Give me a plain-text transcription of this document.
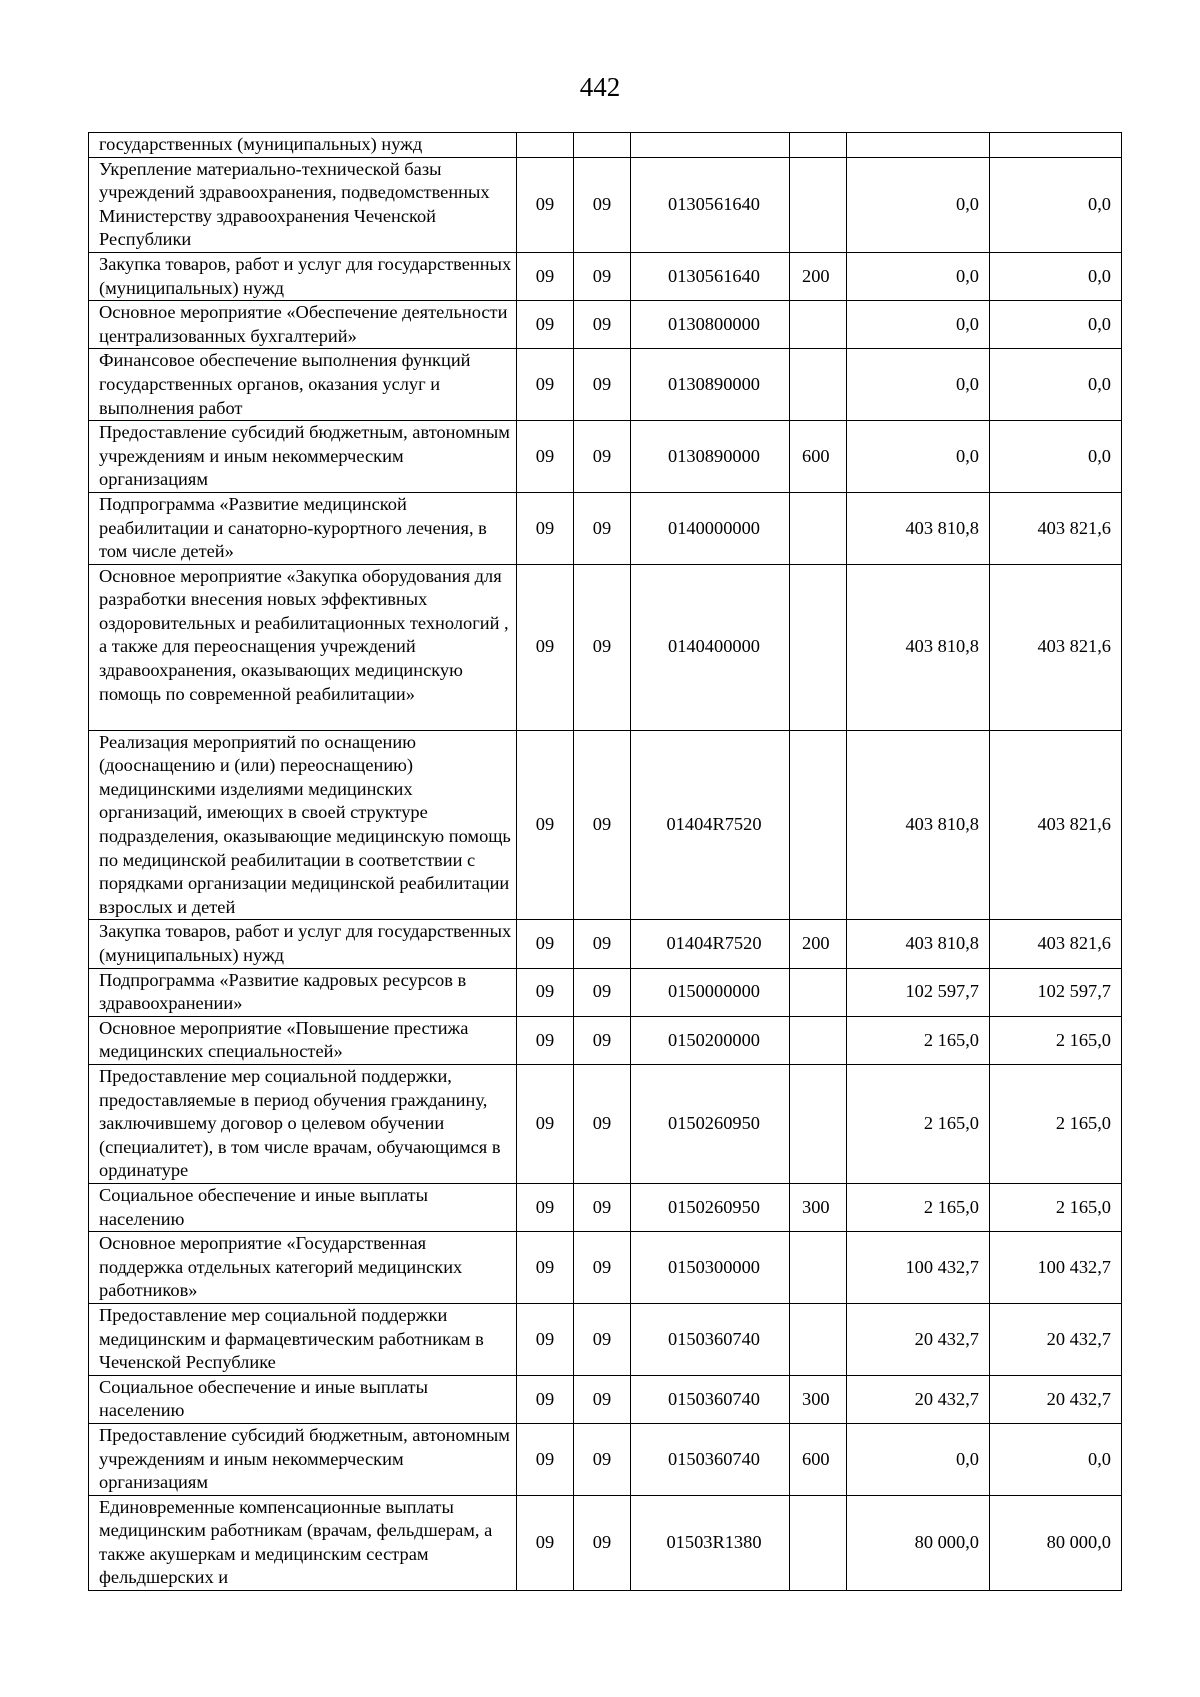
442
государственных (муниципальных) нужд						
Укрепление материально-технической базы учреждений здравоохранения, подведомственных Министерству здравоохранения Чеченской Республики	09	09	0130561640		0,0	0,0
Закупка товаров, работ и услуг для государственных (муниципальных) нужд	09	09	0130561640	200	0,0	0,0
Основное мероприятие «Обеспечение деятельности централизованных бухгалтерий»	09	09	0130800000		0,0	0,0
Финансовое обеспечение выполнения функций государственных органов, оказания услуг и выполнения работ	09	09	0130890000		0,0	0,0
Предоставление субсидий бюджетным, автономным учреждениям и иным некоммерческим организациям	09	09	0130890000	600	0,0	0,0
Подпрограмма «Развитие медицинской реабилитации и санаторно-курортного лечения, в том числе детей»	09	09	0140000000		403 810,8	403 821,6
Основное мероприятие «Закупка оборудования для разработки внесения новых эффективных оздоровительных и реабилитационных технологий , а также для переоснащения учреждений здравоохранения, оказывающих медицинскую помощь по современной реабилитации»	09	09	0140400000		403 810,8	403 821,6
Реализация мероприятий по оснащению (дооснащению и (или) переоснащению) медицинскими изделиями медицинских организаций, имеющих в своей структуре подразделения, оказывающие медицинскую помощь по медицинской реабилитации в соответствии с порядками организации медицинской реабилитации взрослых и детей	09	09	01404R7520		403 810,8	403 821,6
Закупка товаров, работ и услуг для государственных (муниципальных) нужд	09	09	01404R7520	200	403 810,8	403 821,6
Подпрограмма «Развитие кадровых ресурсов в здравоохранении»	09	09	0150000000		102 597,7	102 597,7
Основное мероприятие «Повышение престижа медицинских специальностей»	09	09	0150200000		2 165,0	2 165,0
Предоставление мер социальной поддержки, предоставляемые в период обучения гражданину, заключившему договор о целевом обучении (специалитет), в том числе врачам, обучающимся в ординатуре	09	09	0150260950		2 165,0	2 165,0
Социальное обеспечение и иные выплаты населению	09	09	0150260950	300	2 165,0	2 165,0
Основное мероприятие «Государственная поддержка отдельных категорий медицинских работников»	09	09	0150300000		100 432,7	100 432,7
Предоставление мер социальной поддержки медицинским и фармацевтическим работникам в Чеченской Республике	09	09	0150360740		20 432,7	20 432,7
Социальное обеспечение и иные выплаты населению	09	09	0150360740	300	20 432,7	20 432,7
Предоставление субсидий бюджетным, автономным учреждениям и иным некоммерческим организациям	09	09	0150360740	600	0,0	0,0
Единовременные компенсационные выплаты медицинским работникам (врачам, фельдшерам, а также акушеркам и медицинским сестрам фельдшерских и	09	09	01503R1380		80 000,0	80 000,0
